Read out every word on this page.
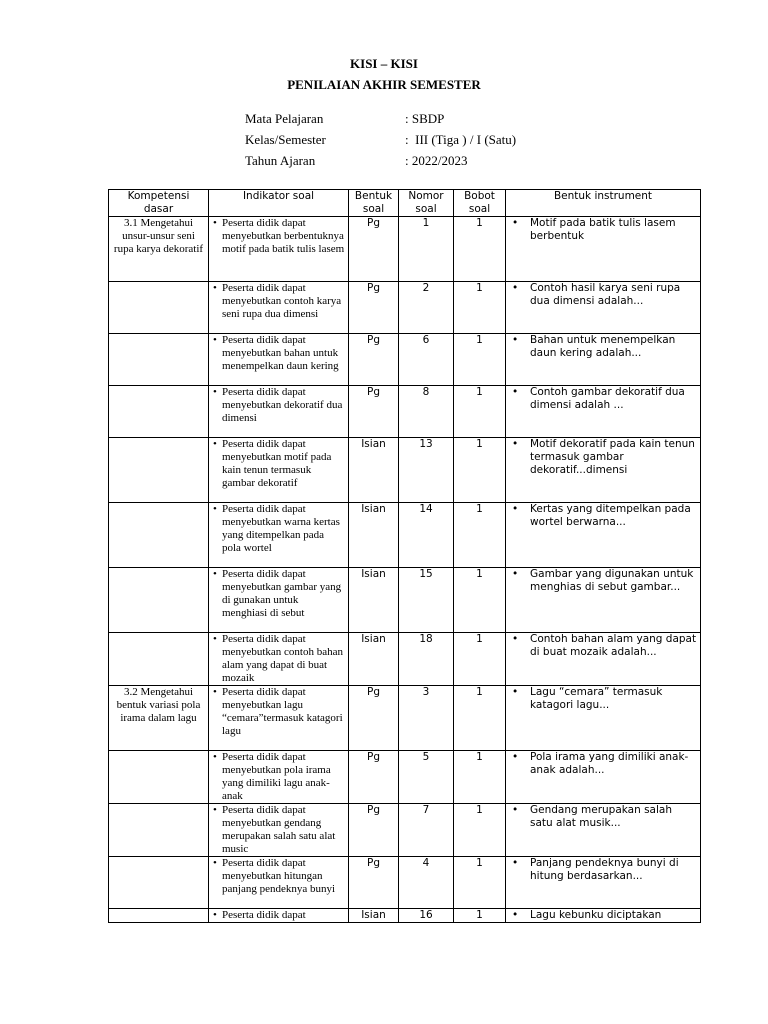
KISI – KISI
PENILAIAN AKHIR SEMESTER
Mata Pelajaran	: SBDP
Kelas/Semester	:  III (Tiga ) / I (Satu)
Tahun Ajaran	: 2022/2023
Kompetensi dasar	Indikator soal	Bentuk soal	Nomor soal	Bobot soal	Bentuk instrument
3.1 Mengetahui unsur-unsur seni rupa karya dekoratif	• Peserta didik dapat menyebutkan berbentuknya motif pada batik tulis lasem	Pg	1	1	• Motif pada batik tulis lasem berbentuk
	• Peserta didik dapat menyebutkan contoh karya seni rupa dua dimensi	Pg	2	1	• Contoh hasil karya seni rupa dua dimensi adalah...
	• Peserta didik dapat menyebutkan bahan untuk menempelkan daun kering	Pg	6	1	• Bahan untuk menempelkan daun kering adalah...
	• Peserta didik dapat menyebutkan dekoratif dua dimensi	Pg	8	1	• Contoh gambar dekoratif dua dimensi adalah ...
	• Peserta didik dapat menyebutkan motif pada kain tenun termasuk gambar dekoratif	Isian	13	1	• Motif dekoratif pada kain tenun termasuk gambar dekoratif...dimensi
	• Peserta didik dapat menyebutkan warna kertas yang ditempelkan pada pola wortel	Isian	14	1	• Kertas yang ditempelkan pada wortel berwarna...
	• Peserta didik dapat menyebutkan gambar yang di gunakan untuk menghiasi di sebut	Isian	15	1	• Gambar yang digunakan untuk menghias di sebut gambar...
	• Peserta didik dapat menyebutkan contoh bahan alam yang dapat di buat mozaik	Isian	18	1	• Contoh bahan alam yang dapat di buat mozaik adalah...
3.2 Mengetahui bentuk variasi pola irama dalam lagu	• Peserta didik dapat menyebutkan lagu “cemara”termasuk katagori lagu	Pg	3	1	• Lagu “cemara” termasuk katagori lagu...
	• Peserta didik dapat menyebutkan pola irama yang dimiliki lagu anak-anak	Pg	5	1	• Pola irama yang dimiliki anak-anak adalah...
	• Peserta didik dapat menyebutkan gendang merupakan salah satu alat music	Pg	7	1	• Gendang merupakan salah satu alat musik...
	• Peserta didik dapat menyebutkan hitungan panjang pendeknya bunyi	Pg	4	1	• Panjang pendeknya bunyi di hitung berdasarkan...
	• Peserta didik dapat	Isian	16	1	• Lagu kebunku diciptakan
